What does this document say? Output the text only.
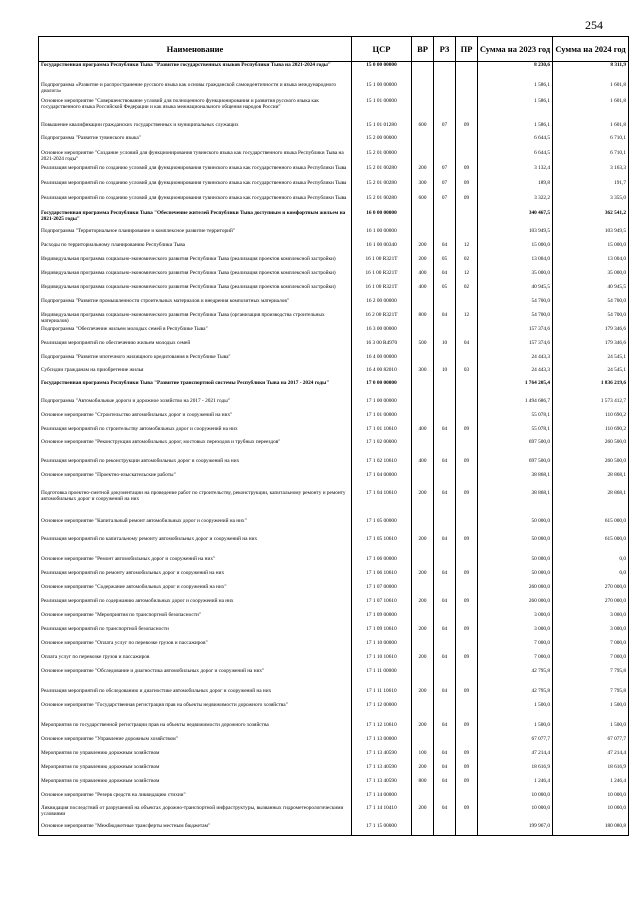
254
Наименование	ЦСР	ВР	РЗ	ПР	Сумма на 2023 год	Сумма на 2024 год
Государственная программа Республики Тыва "Развитие государственных языков Республики Тыва на 2021-2024 годы"	15 0 00 00000				8 230,6	8 311,9
Подпрограмма «Развитие и распространение русского языка как основы гражданской самоидентичности и языка международного диалога»	15 1 00 00000				1 586,1	1 601,8
Основное мероприятие "Совершенствование условий для полноценного функционирования и развития русского языка как государственного языка Российской Федерации и как языка межнационального общения народов России"	15 1 01 00000				1 586,1	1 601,8
Повышение квалификации гражданских государственных и муниципальных служащих	15 1 01 01280	600	07	09	1 586,1	1 601,8
Подпрограмма "Развитие тувинского языка"	15 2 00 00000				6 644,5	6 710,1
Основное мероприятие "Создание условий для функционирования тувинского языка как государственного языка Республики Тыва на 2021-2024 годы"	15 2 01 00000				6 644,5	6 710,1
Реализация мероприятий по созданию условий для функционирования тувинского языка как государственного языка Республики Тыва	15 2 01 00280	200	07	09	3 132,4	3 163,3
Реализация мероприятий по созданию условий для функционирования тувинского языка как государственного языка Республики Тыва	15 2 01 00280	300	07	09	189,8	191,7
Реализация мероприятий по созданию условий для функционирования тувинского языка как государственного языка Республики Тыва	15 2 01 00280	600	07	09	3 322,2	3 355,0
Государственная программа Республики Тыва "Обеспечение жителей Республики Тыва доступным и комфортным жильем на 2021-2025 годы"	16 0 00 00000				340 467,5	362 541,2
Подпрограмма "Территориальное планирование и комплексное развитие территорий"	16 1 00 00000				103 949,5	103 949,5
Расходы по территориальному планированию Республики Тыва	16 1 00 00340	200	04	12	15 000,0	15 000,0
Индивидуальная программа социально-экономического развития Республики Тыва (реализация проектов комплексной застройки)	16 1 00 R321T	200	05	02	13 004,0	13 004,0
Индивидуальная программа социально-экономического развития Республики Тыва (реализация проектов комплексной застройки)	16 1 00 R321T	400	04	12	35 000,0	35 000,0
Индивидуальная программа социально-экономического развития Республики Тыва (реализация проектов комплексной застройки)	16 1 00 R321T	400	05	02	40 945,5	40 945,5
Подпрограмма "Развитие промышленности строительных материалов и внедрения композитных материалов"	16 2 00 00000				54 700,0	54 700,0
Индивидуальная программа социально-экономического развития Республики Тыва (организация производства строительных материалов)	16 2 00 R321T	800	04	12	54 700,0	54 700,0
Подпрограмма "Обеспечение жильем молодых семей в Республике Тыва"	16 3 00 00000				157 374,6	179 346,6
Реализация мероприятий по обеспечению жильем молодых семей	16 3 00 R4970	500	10	04	157 374,6	179 346,6
Подпрограмма "Развитие ипотечного жилищного кредитования в Республике Тыва"	16 4 00 00000				24 443,3	24 545,1
Субсидии гражданам на приобретение жилья	16 4 00 82010	300	10	03	24 443,3	24 545,1
Государственная программа Республики Тыва "Развитие транспортной системы Республики Тыва на 2017 - 2024 годы"	17 0 00 00000				1 764 205,4	1 836 219,6
Подпрограмма "Автомобильные дороги и дорожное хозяйство на 2017 - 2021 годы"	17 1 00 00000				1 494 686,7	1 573 412,7
Основное мероприятие "Строительство автомобильных дорог и сооружений на них"	17 1 01 00000				55 078,1	110 690,2
Реализация мероприятий по строительству автомобильных дорог и сооружений на них	17 1 01 10610	400	04	09	55 078,1	110 690,2
Основное мероприятие "Реконструкция автомобильных дорог, мостовых переходов и трубных переездов"	17 1 02 00000				697 500,0	260 500,0
Реализация мероприятий по реконструкции автомобильных дорог и сооружений на них	17 1 02 10610	400	04	09	697 500,0	260 500,0
Основное мероприятие "Проектно-изыскательские работы"	17 1 04 00000				38 868,1	28 868,1
Подготовка проектно-сметной документации на проведение работ по строительству, реконструкции, капитальному ремонту и ремонту автомобильных дорог и сооружений на них	17 1 04 10610	200	04	09	38 868,1	28 868,1
Основное мероприятие "Капитальный ремонт автомобильных дорог и сооружений на них"	17 1 05 00000				50 000,0	615 000,0
Реализация мероприятий по капитальному ремонту автомобильных дорог и сооружений на них	17 1 05 10610	200	04	09	50 000,0	615 000,0
Основное мероприятие "Ремонт автомобильных дорог и сооружений на них"	17 1 06 00000				50 000,0	0,0
Реализация мероприятий по ремонту автомобильных дорог и сооружений на них	17 1 06 10610	200	04	09	50 000,0	0,0
Основное мероприятие "Содержание автомобильных дорог и сооружений на них"	17 1 07 00000				260 000,0	270 000,0
Реализация мероприятий по содержанию автомобильных дорог и сооружений на них	17 1 07 10610	200	04	09	260 000,0	270 000,0
Основное мероприятие "Мероприятия по транспортной безопасности"	17 1 09 00000				3 000,0	3 000,0
Реализация мероприятий по транспортной безопасности	17 1 09 10610	200	04	09	3 000,0	3 000,0
Основное мероприятие "Оплата услуг по перевозке грузов и пассажиров"	17 1 10 00000				7 000,0	7 000,0
Оплата услуг по перевозке грузов и пассажиров	17 1 10 10610	200	04	09	7 000,0	7 000,0
Основное мероприятие "Обследование и диагностика автомобильных дорог и сооружений на них"	17 1 11 00000				42 795,8	7 795,8
Реализация мероприятий по обследованию и диагностике автомобильных дорог и сооружений на них	17 1 11 10610	200	04	09	42 795,8	7 795,8
Основное мероприятие "Государственная регистрация прав на объекты недвижимости дорожного хозяйства"	17 1 12 00000				1 500,0	1 500,0
Мероприятия по государственной регистрации прав на объекты недвижимости дорожного хозяйства	17 1 12 10610	200	04	09	1 500,0	1 500,0
Основное мероприятие "Управление дорожным хозяйством"	17 1 13 00000				67 077,7	67 077,7
Мероприятия по управлению дорожным хозяйством	17 1 13 40590	100	04	09	47 214,4	47 214,4
Мероприятия по управлению дорожным хозяйством	17 1 13 40590	200	04	09	18 616,9	18 616,9
Мероприятия по управлению дорожным хозяйством	17 1 13 40590	800	04	09	1 246,4	1 246,4
Основное мероприятие "Резерв средств на ликвидацию стихии"	17 1 14 00000				10 000,0	10 000,0
Ликвидация последствий от разрушений на объектах дорожно-транспортной инфраструктуры, вызванных гидрометеорологическими условиями	17 1 14 10410	200	04	09	10 000,0	10 000,0
Основное мероприятие "Межбюджетные трансферты местным бюджетам"	17 1 15 00000				199 967,0	180 080,8
